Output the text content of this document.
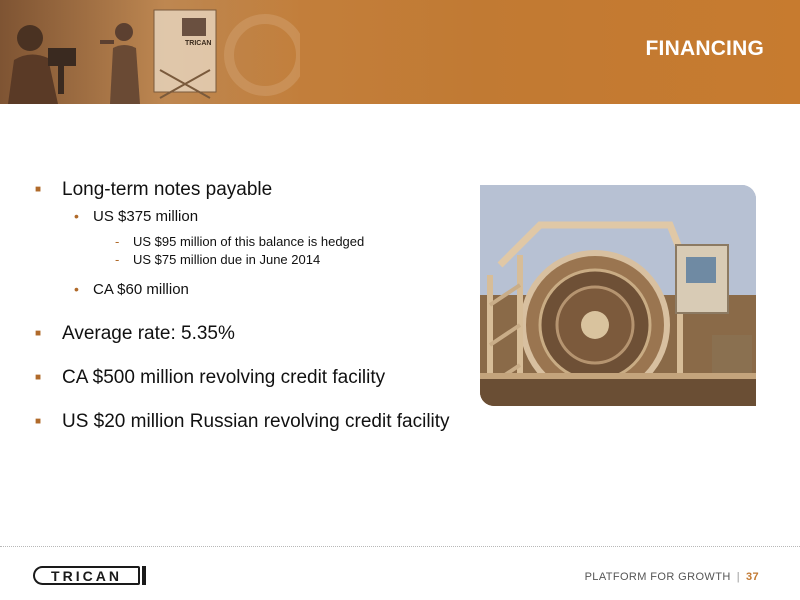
TRICAN	FINANCING
■	Long-term notes payable
• US $375 million
-	US $95 million of this balance is hedged
-	US $75 million due in June 2014
• CA $60 million
■	Average rate: 5.35%
■	CA $500 million revolving credit facility
■	US $20 million Russian revolving credit facility
TRICAN	PLATFORM FOR GROWTH | 37
